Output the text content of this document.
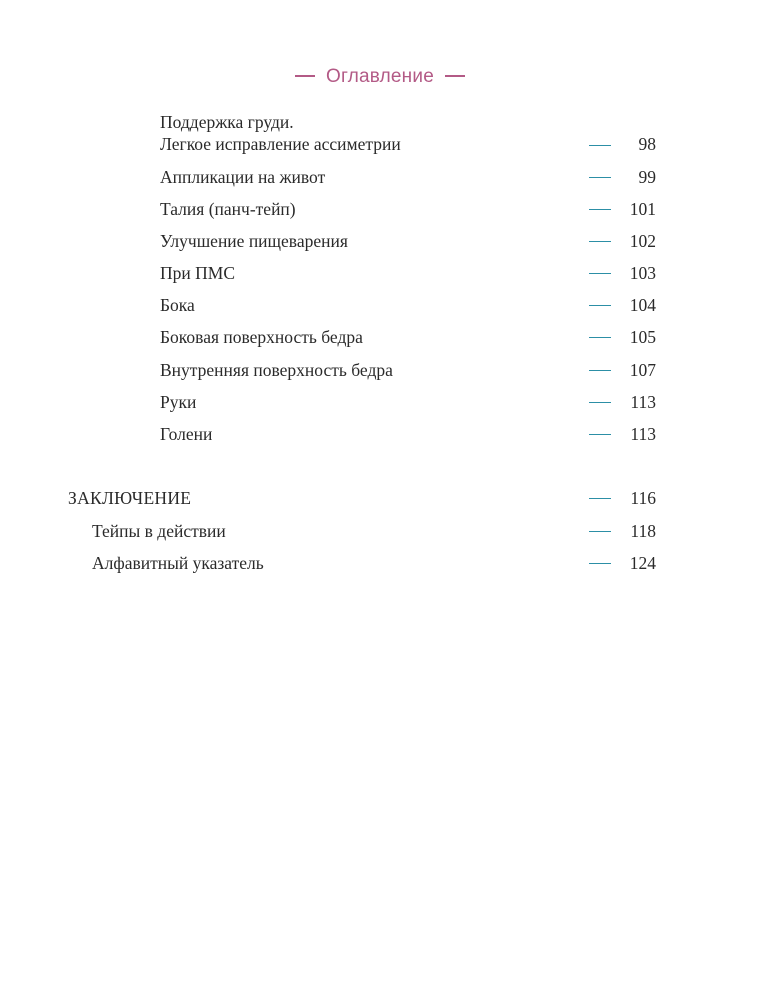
Оглавление
Поддержка груди.
Легкое исправление ассиметрии	98
Аппликации на живот	99
Талия (панч-тейп)	101
Улучшение пищеварения	102
При ПМС	103
Бока	104
Боковая поверхность бедра	105
Внутренняя поверхность бедра	107
Руки	113
Голени	113
ЗАКЛЮЧЕНИЕ	116
Тейпы в действии	118
Алфавитный указатель	124
